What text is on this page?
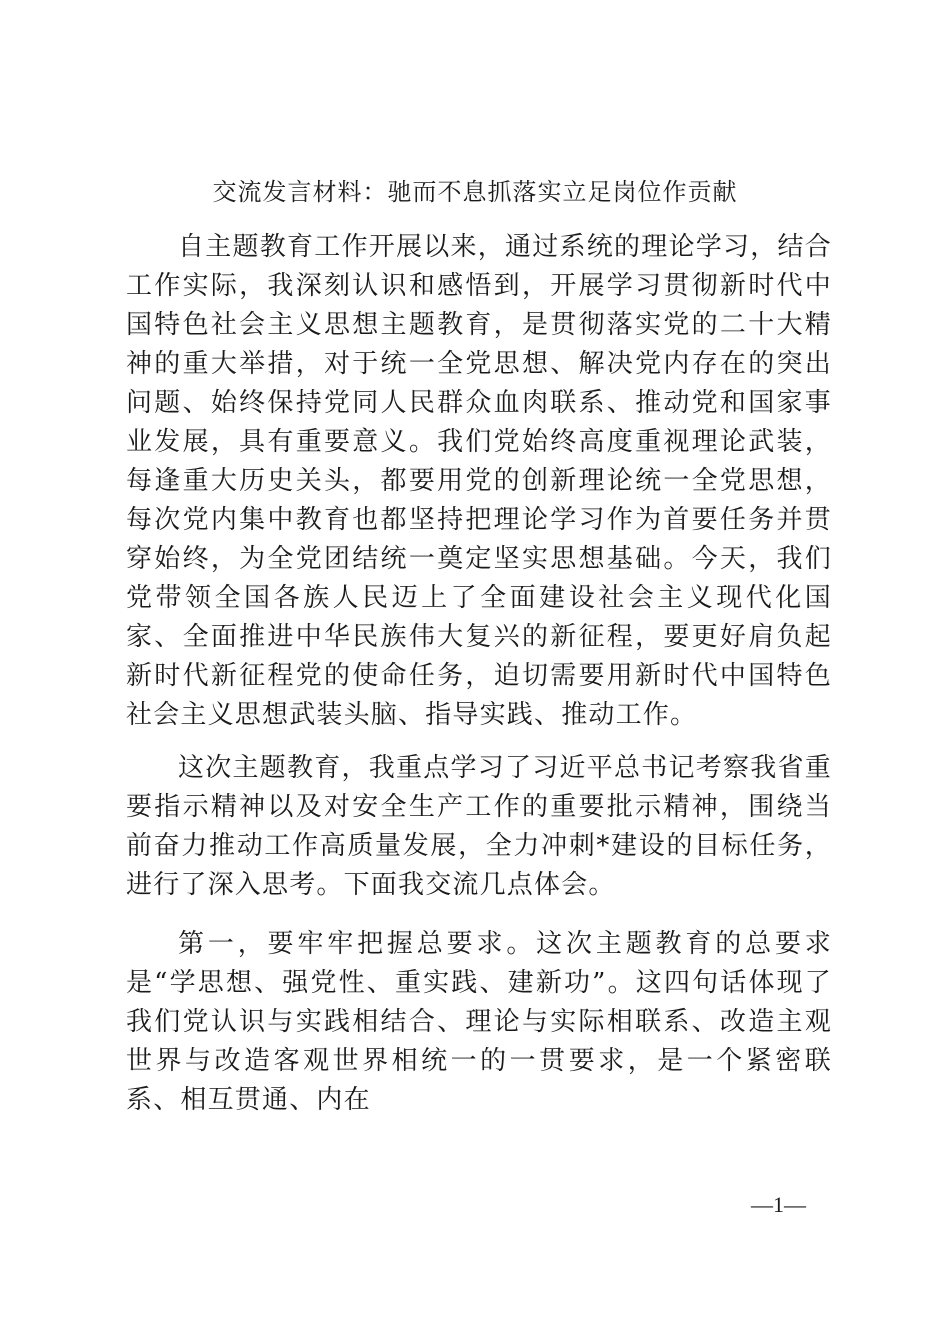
交流发言材料：驰而不息抓落实立足岗位作贡献

自主题教育工作开展以来，通过系统的理论学习，结合工作实际，我深刻认识和感悟到，开展学习贯彻新时代中国特色社会主义思想主题教育，是贯彻落实党的二十大精神的重大举措，对于统一全党思想、解决党内存在的突出问题、始终保持党同人民群众血肉联系、推动党和国家事业发展，具有重要意义。我们党始终高度重视理论武装，每逢重大历史关头，都要用党的创新理论统一全党思想，每次党内集中教育也都坚持把理论学习作为首要任务并贯穿始终，为全党团结统一奠定坚实思想基础。今天，我们党带领全国各族人民迈上了全面建设社会主义现代化国家、全面推进中华民族伟大复兴的新征程，要更好肩负起新时代新征程党的使命任务，迫切需要用新时代中国特色社会主义思想武装头脑、指导实践、推动工作。

这次主题教育，我重点学习了习近平总书记考察我省重要指示精神以及对安全生产工作的重要批示精神，围绕当前奋力推动工作高质量发展，全力冲刺*建设的目标任务，进行了深入思考。下面我交流几点体会。

第一，要牢牢把握总要求。这次主题教育的总要求是“学思想、强党性、重实践、建新功”。这四句话体现了我们党认识与实践相结合、理论与实际相联系、改造主观世界与改造客观世界相统一的一贯要求，是一个紧密联系、相互贯通、内在

—1—
